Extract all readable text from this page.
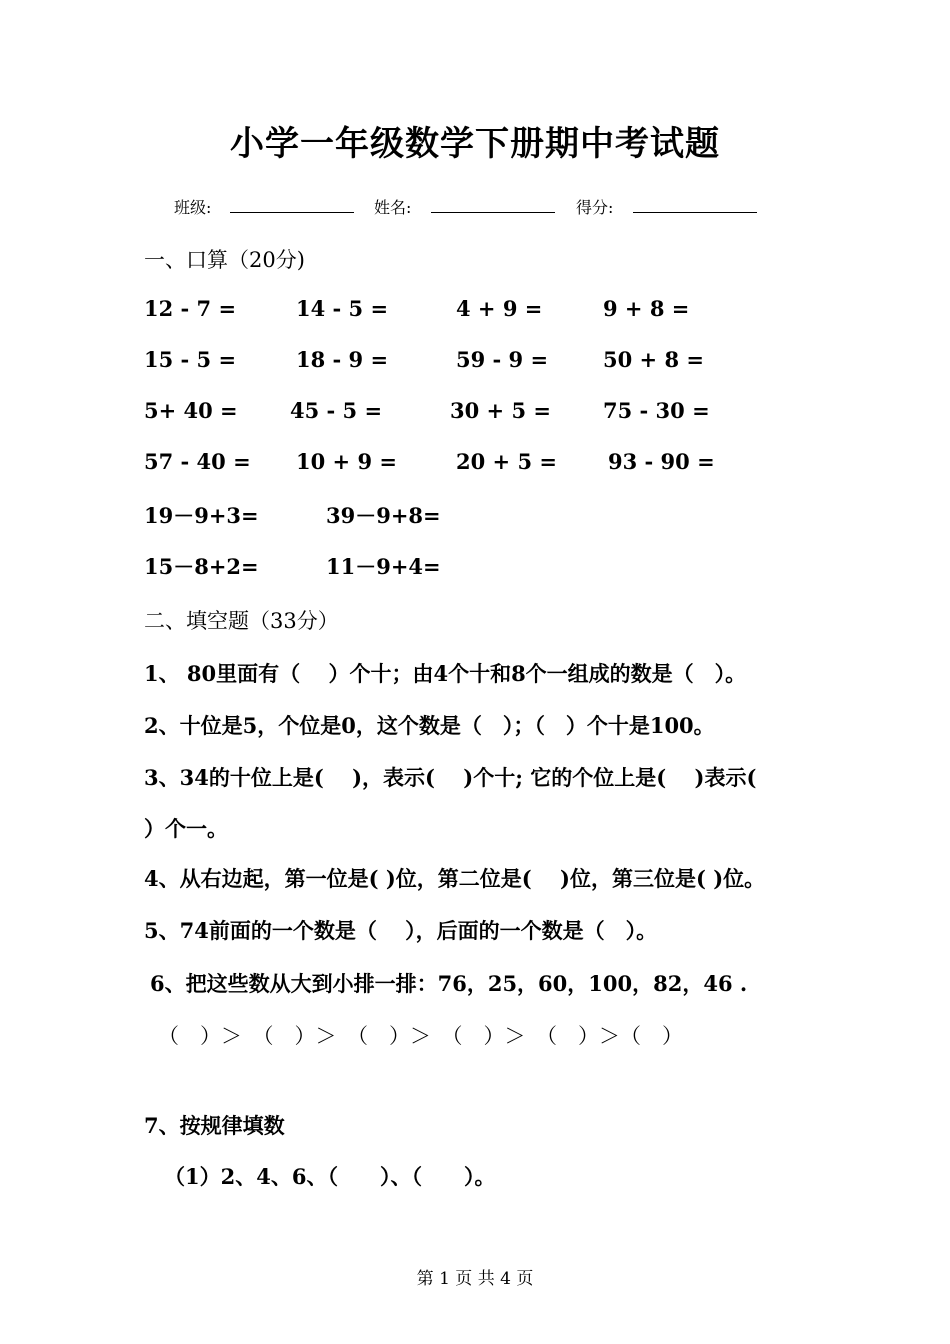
小学一年级数学下册期中考试题
班级:	姓名:	得分:
一、口算（20分)
12 - 7 =	14 - 5 =	4 + 9 =	9 + 8 =
15 - 5 =	18 - 9 =	59 - 9 =	50 + 8 =
5+ 40 = 45 - 5 =	30 + 5 = 75 - 30 =
57 - 40 = 10 + 9 =	20 + 5 = 93 - 90 =
19－9+3=	39－9+8=
15－8+2=	11－9+4=
二、填空题（33分）
1、 80里面有（　 ）个十；由4个十和8个一组成的数是（　）。
2、十位是5，个位是0，这个数是（　）；（　）个十是100。
3、34的十位上是(　 )，表示(　 )个十; 它的个位上是(　 )表示(
）个一。
4、从右边起，第一位是( )位，第二位是(　 )位，第三位是( )位。
5、74前面的一个数是（　 ），后面的一个数是（　）。
6、把这些数从大到小排一排：76，25，60，100，82，46 .
（　）＞　（　）＞　（　）＞　（　）＞　（　）＞（　）
7、按规律填数
（1）2、4、6、（　　）、（　　）。
第 1 页 共 4 页
